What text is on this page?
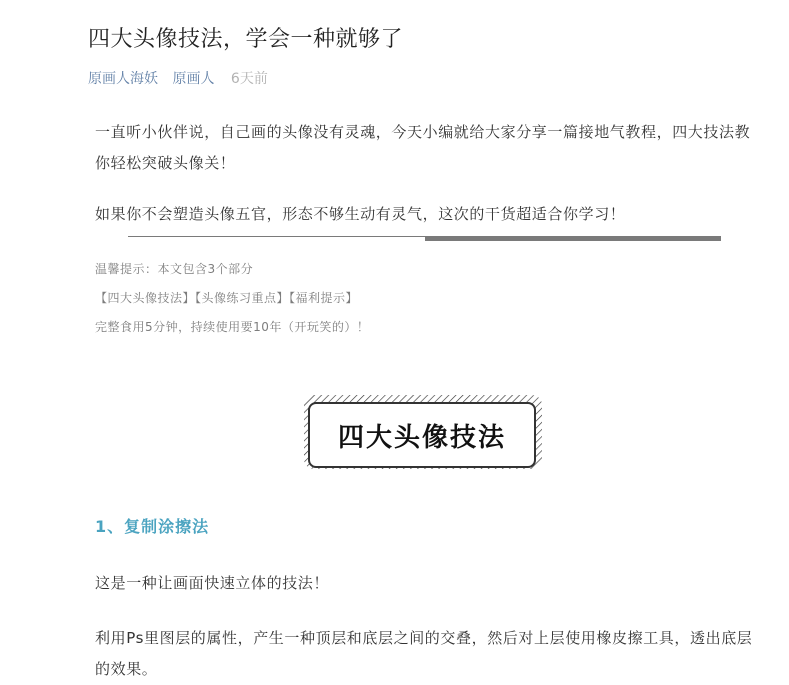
四大头像技法，学会一种就够了
原画人海妖 原画人 6天前
一直听小伙伴说，自己画的头像没有灵魂，今天小编就给大家分享一篇接地气教程，四大技法教你轻松突破头像关！
如果你不会塑造头像五官，形态不够生动有灵气，这次的干货超适合你学习！
温馨提示：本文包含3个部分
【四大头像技法】【头像练习重点】【福利提示】
完整食用5分钟，持续使用要10年（开玩笑的）！
四大头像技法
1、复制涂擦法
这是一种让画面快速立体的技法！
利用Ps里图层的属性，产生一种顶层和底层之间的交叠，然后对上层使用橡皮擦工具，透出底层的效果。
